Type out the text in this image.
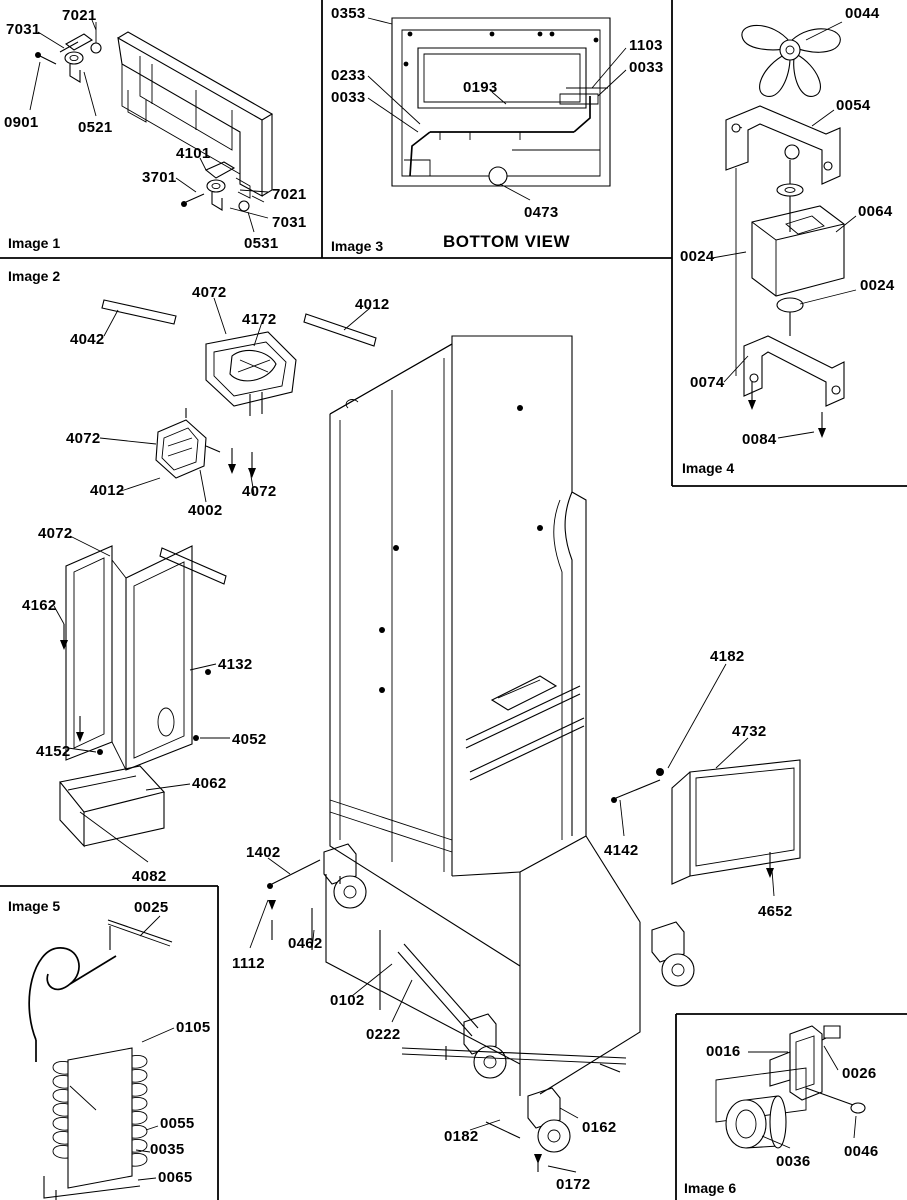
7031
7021
0901	0521
4101
3701
7021
7031
0531
Image 1
0353
0233
0033
0193
1103
0033
0473
Image 3	BOTTOM VIEW
0044
0054
0064
0024
0024
0074
0084
Image 4
Image 2
4042
4072
4172
4012
4072
4012
4002
4072
4072
4162
4132
4152
4052
4062
4082
1402
1112
0462
0102
0222
0182
0172
0162
4142
4182
4732
4652
Image 5	0025
0105
0055
0035
0065
Image 6
0016
0026
0036
0046
